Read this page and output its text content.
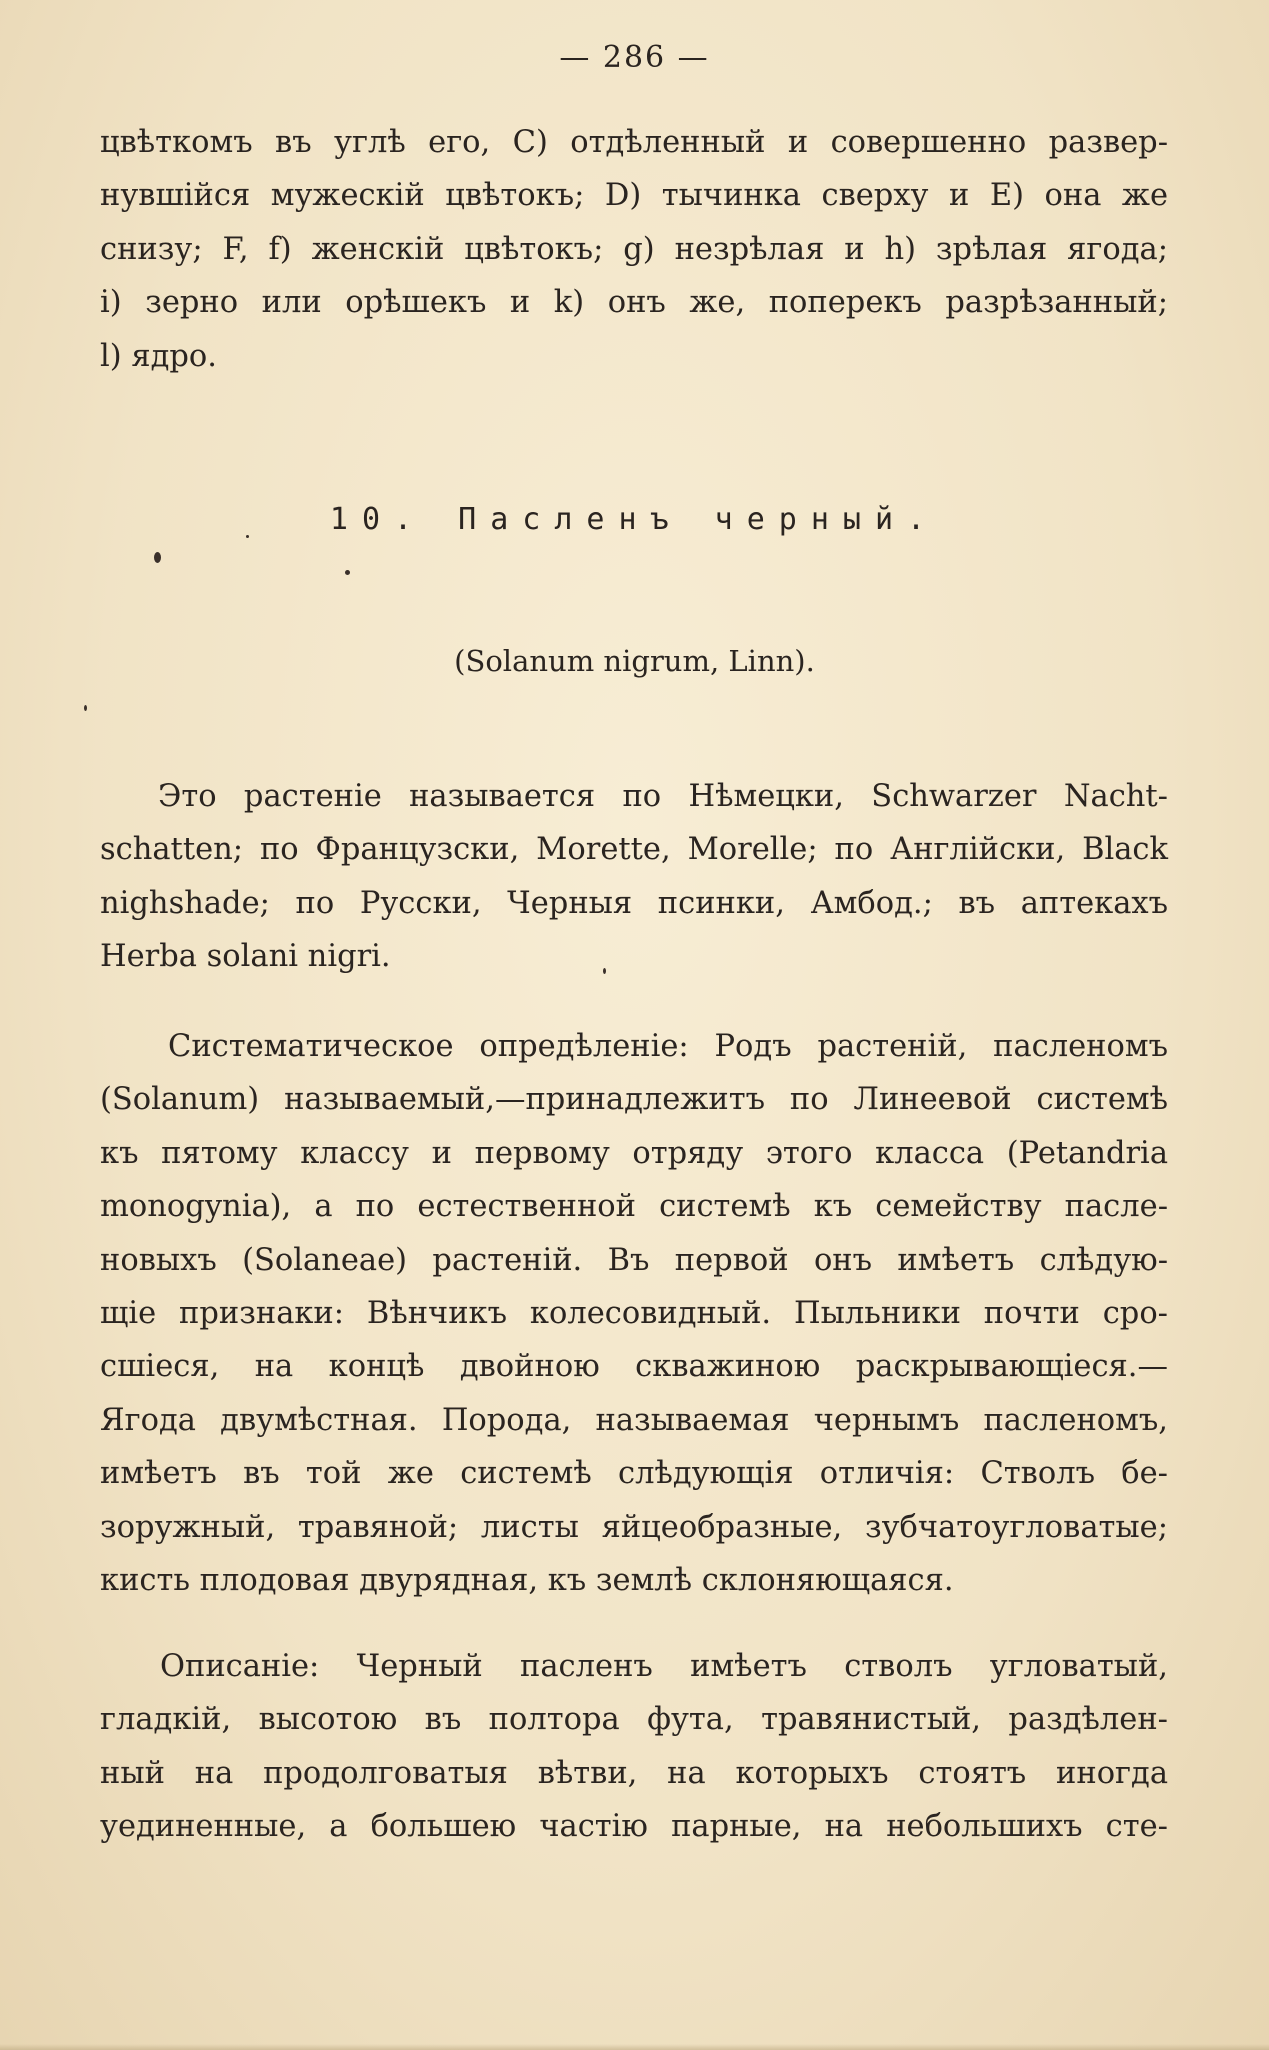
— 286 —
цвѣткомъ въ углѣ его, С) отдѣленный и совершенно развер-
нувшійся мужескій цвѣтокъ; D) тычинка сверху и E) она же
снизу; F, f) женскій цвѣтокъ; g) незрѣлая и h) зрѣлая ягода;
i) зерно или орѣшекъ и k) онъ же, поперекъ разрѣзанный;
l) ядро.
10. Пасленъ черный.
(Solanum nigrum, Linn).
Это растеніе называется по Нѣмецки, Schwarzer Nacht-
schatten; по Французски, Morette, Morelle; по Англійски, Black
nighshade; по Русски, Черныя псинки, Амбод.; въ аптекахъ
Herba solani nigri.
Систематическое опредѣленіе: Родъ растеній, пасленомъ
(Solanum) называемый,—принадлежитъ по Линеевой системѣ
къ пятому классу и первому отряду этого класса (Petandria
monogynia), а по естественной системѣ къ семейству пасле-
новыхъ (Solaneae) растеній. Въ первой онъ имѣетъ слѣдую-
щіе признаки: Вѣнчикъ колесовидный. Пыльники почти сро-
сшіеся, на концѣ двойною скважиною раскрывающіеся.—
Ягода двумѣстная. Порода, называемая чернымъ пасленомъ,
имѣетъ въ той же системѣ слѣдующія отличія: Стволъ бе-
зоружный, травяной; листы яйцеобразные, зубчатоугловатые;
кисть плодовая двурядная, къ землѣ склоняющаяся.
Описаніе: Черный пасленъ имѣетъ стволъ угловатый,
гладкій, высотою въ полтора фута, травянистый, раздѣлен-
ный на продолговатыя вѣтви, на которыхъ стоятъ иногда
уединенные, а большею частію парные, на небольшихъ сте-
